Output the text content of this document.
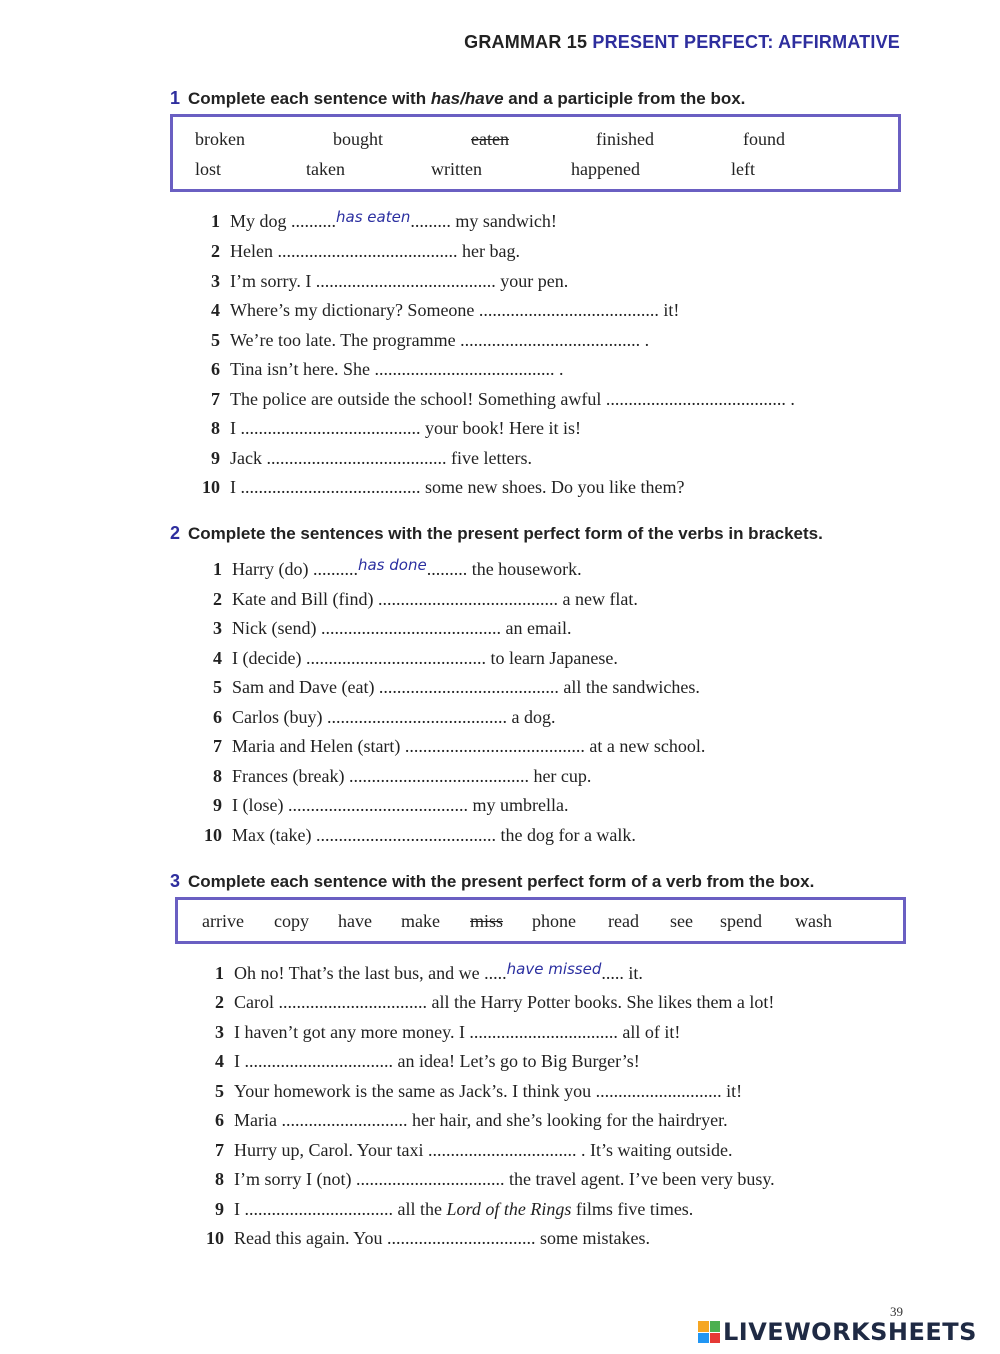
GRAMMAR 15 PRESENT PERFECT: AFFIRMATIVE
1 Complete each sentence with has/have and a participle from the box.
broken	bought	eaten	finished	found
lost	taken	written	happened	left
1 My dog ..........$^{has eaten}$......... my sandwich!
2 Helen ........................................ her bag.
3 I’m sorry. I ........................................ your pen.
4 Where’s my dictionary? Someone ........................................ it!
5 We’re too late. The programme ........................................ .
6 Tina isn’t here. She ........................................ .
7 The police are outside the school! Something awful ........................................ .
8 I ........................................ your book! Here it is!
9 Jack ........................................ five letters.
10 I ........................................ some new shoes. Do you like them?
2 Complete the sentences with the present perfect form of the verbs in brackets.
1 Harry (do) ..........$^{has done}$......... the housework.
2 Kate and Bill (find) ........................................ a new flat.
3 Nick (send) ........................................ an email.
4 I (decide) ........................................ to learn Japanese.
5 Sam and Dave (eat) ........................................ all the sandwiches.
6 Carlos (buy) ........................................ a dog.
7 Maria and Helen (start) ........................................ at a new school.
8 Frances (break) ........................................ her cup.
9 I (lose) ........................................ my umbrella.
10 Max (take) ........................................ the dog for a walk.
3 Complete each sentence with the present perfect form of a verb from the box.
arrive copy have make miss phone read see spend wash
1 Oh no! That’s the last bus, and we .....$^{have missed}$..... it.
2 Carol ................................. all the Harry Potter books. She likes them a lot!
3 I haven’t got any more money. I ................................. all of it!
4 I ................................. an idea! Let’s go to Big Burger’s!
5 Your homework is the same as Jack’s. I think you ............................ it!
6 Maria ............................ her hair, and she’s looking for the hairdryer.
7 Hurry up, Carol. Your taxi ................................. . It’s waiting outside.
8 I’m sorry I (not) ................................. the travel agent. I’ve been very busy.
9 I ................................. all the Lord of the Rings films five times.
10 Read this again. You ................................. some mistakes.
39
LIVEWORKSHEETS
